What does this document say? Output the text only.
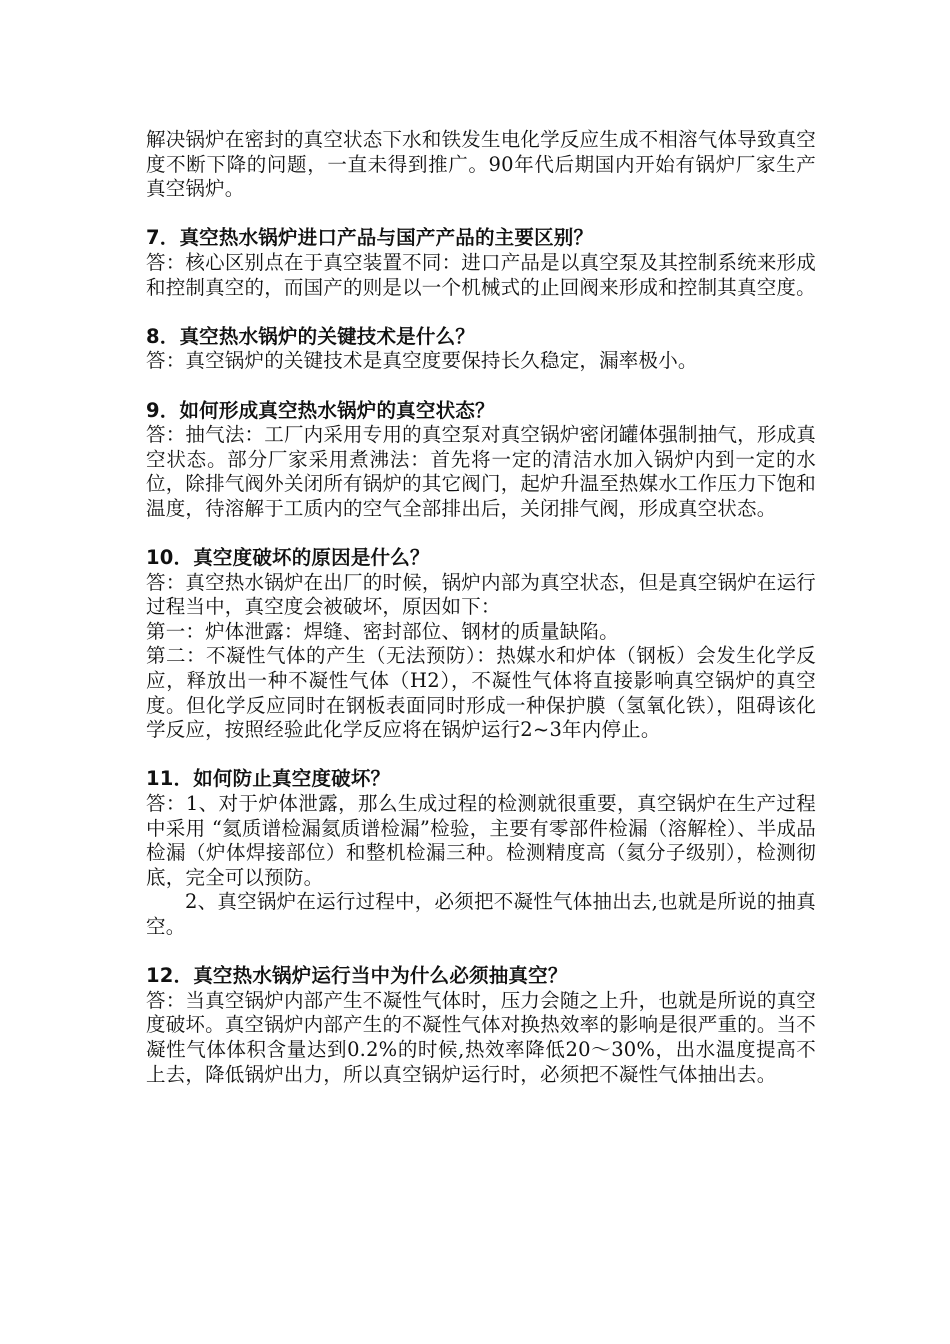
解决锅炉在密封的真空状态下水和铁发生电化学反应生成不相溶气体导致真空度不断下降的问题，一直未得到推广。90年代后期国内开始有锅炉厂家生产真空锅炉。

7．真空热水锅炉进口产品与国产产品的主要区别？

答：核心区别点在于真空装置不同：进口产品是以真空泵及其控制系统来形成和控制真空的，而国产的则是以一个机械式的止回阀来形成和控制其真空度。

8．真空热水锅炉的关键技术是什么？

答：真空锅炉的关键技术是真空度要保持长久稳定，漏率极小。

9．如何形成真空热水锅炉的真空状态？

答：抽气法：工厂内采用专用的真空泵对真空锅炉密闭罐体强制抽气，形成真空状态。部分厂家采用煮沸法：首先将一定的清洁水加入锅炉内到一定的水位，除排气阀外关闭所有锅炉的其它阀门，起炉升温至热媒水工作压力下饱和温度，待溶解于工质内的空气全部排出后，关闭排气阀，形成真空状态。

10．真空度破坏的原因是什么？

答：真空热水锅炉在出厂的时候，锅炉内部为真空状态，但是真空锅炉在运行过程当中，真空度会被破坏，原因如下：

第一：炉体泄露：焊缝、密封部位、钢材的质量缺陷。

第二：不凝性气体的产生（无法预防）：热媒水和炉体（钢板）会发生化学反应，释放出一种不凝性气体（H2），不凝性气体将直接影响真空锅炉的真空度。但化学反应同时在钢板表面同时形成一种保护膜（氢氧化铁），阻碍该化学反应，按照经验此化学反应将在锅炉运行2~3年内停止。

11．如何防止真空度破坏？

答：1、对于炉体泄露，那么生成过程的检测就很重要，真空锅炉在生产过程中采用 “氦质谱检漏氦质谱检漏”检验，主要有零部件检漏（溶解栓）、半成品检漏（炉体焊接部位）和整机检漏三种。检测精度高（氦分子级别），检测彻底，完全可以预防。

2、真空锅炉在运行过程中，必须把不凝性气体抽出去,也就是所说的抽真空。

12．真空热水锅炉运行当中为什么必须抽真空？

答：当真空锅炉内部产生不凝性气体时，压力会随之上升，也就是所说的真空度破坏。真空锅炉内部产生的不凝性气体对换热效率的影响是很严重的。当不凝性气体体积含量达到0.2%的时候,热效率降低20～30%，出水温度提高不上去，降低锅炉出力，所以真空锅炉运行时，必须把不凝性气体抽出去。
